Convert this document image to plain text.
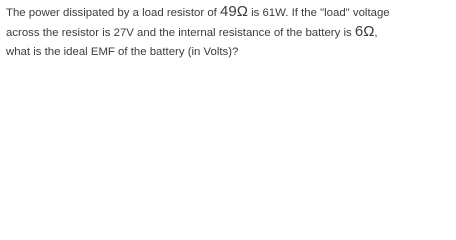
The power dissipated by a load resistor of 49Ω is 61W. If the "load" voltage
across the resistor is 27V and the internal resistance of the battery is 6Ω,
what is the ideal EMF of the battery (in Volts)?
